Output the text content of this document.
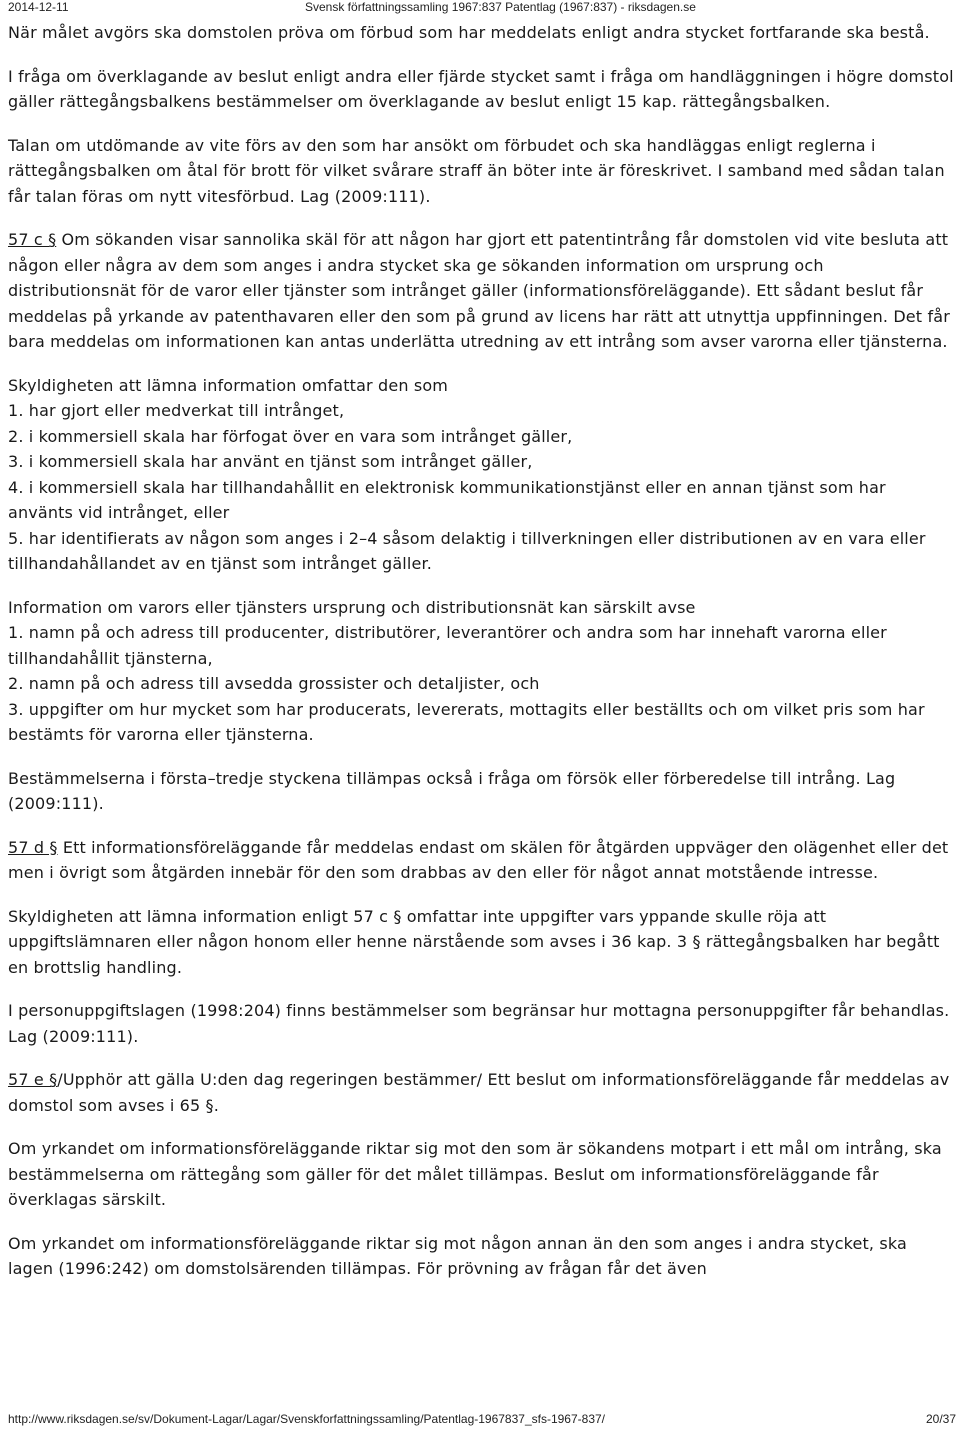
2014-12-11	Svensk författningssamling 1967:837 Patentlag (1967:837) - riksdagen.se

När målet avgörs ska domstolen pröva om förbud som har meddelats enligt andra stycket fortfarande ska bestå.

I fråga om överklagande av beslut enligt andra eller fjärde stycket samt i fråga om handläggningen i högre domstol gäller rättegångsbalkens bestämmelser om överklagande av beslut enligt 15 kap. rättegångsbalken.

Talan om utdömande av vite förs av den som har ansökt om förbudet och ska handläggas enligt reglerna i rättegångsbalken om åtal för brott för vilket svårare straff än böter inte är föreskrivet. I samband med sådan talan får talan föras om nytt vitesförbud. Lag (2009:111).

57 c § Om sökanden visar sannolika skäl för att någon har gjort ett patentintrång får domstolen vid vite besluta att någon eller några av dem som anges i andra stycket ska ge sökanden information om ursprung och distributionsnät för de varor eller tjänster som intrånget gäller (informationsföreläggande). Ett sådant beslut får meddelas på yrkande av patenthavaren eller den som på grund av licens har rätt att utnyttja uppfinningen. Det får bara meddelas om informationen kan antas underlätta utredning av ett intrång som avser varorna eller tjänsterna.

Skyldigheten att lämna information omfattar den som
1. har gjort eller medverkat till intrånget,
2. i kommersiell skala har förfogat över en vara som intrånget gäller,
3. i kommersiell skala har använt en tjänst som intrånget gäller,
4. i kommersiell skala har tillhandahållit en elektronisk kommunikationstjänst eller en annan tjänst som har använts vid intrånget, eller
5. har identifierats av någon som anges i 2–4 såsom delaktig i tillverkningen eller distributionen av en vara eller tillhandahållandet av en tjänst som intrånget gäller.

Information om varors eller tjänsters ursprung och distributionsnät kan särskilt avse
1. namn på och adress till producenter, distributörer, leverantörer och andra som har innehaft varorna eller tillhandahållit tjänsterna,
2. namn på och adress till avsedda grossister och detaljister, och
3. uppgifter om hur mycket som har producerats, levererats, mottagits eller beställts och om vilket pris som har bestämts för varorna eller tjänsterna.

Bestämmelserna i första–tredje styckena tillämpas också i fråga om försök eller förberedelse till intrång. Lag (2009:111).

57 d § Ett informationsföreläggande får meddelas endast om skälen för åtgärden uppväger den olägenhet eller det men i övrigt som åtgärden innebär för den som drabbas av den eller för något annat motstående intresse.

Skyldigheten att lämna information enligt 57 c § omfattar inte uppgifter vars yppande skulle röja att uppgiftslämnaren eller någon honom eller henne närstående som avses i 36 kap. 3 § rättegångsbalken har begått en brottslig handling.

I personuppgiftslagen (1998:204) finns bestämmelser som begränsar hur mottagna personuppgifter får behandlas. Lag (2009:111).

57 e §/Upphör att gälla U:den dag regeringen bestämmer/ Ett beslut om informationsföreläggande får meddelas av domstol som avses i 65 §.

Om yrkandet om informationsföreläggande riktar sig mot den som är sökandens motpart i ett mål om intrång, ska bestämmelserna om rättegång som gäller för det målet tillämpas. Beslut om informationsföreläggande får överklagas särskilt.

Om yrkandet om informationsföreläggande riktar sig mot någon annan än den som anges i andra stycket, ska lagen (1996:242) om domstolsärenden tillämpas. För prövning av frågan får det även

http://www.riksdagen.se/sv/Dokument-Lagar/Lagar/Svenskforfattningssamling/Patentlag-1967837_sfs-1967-837/	20/37
